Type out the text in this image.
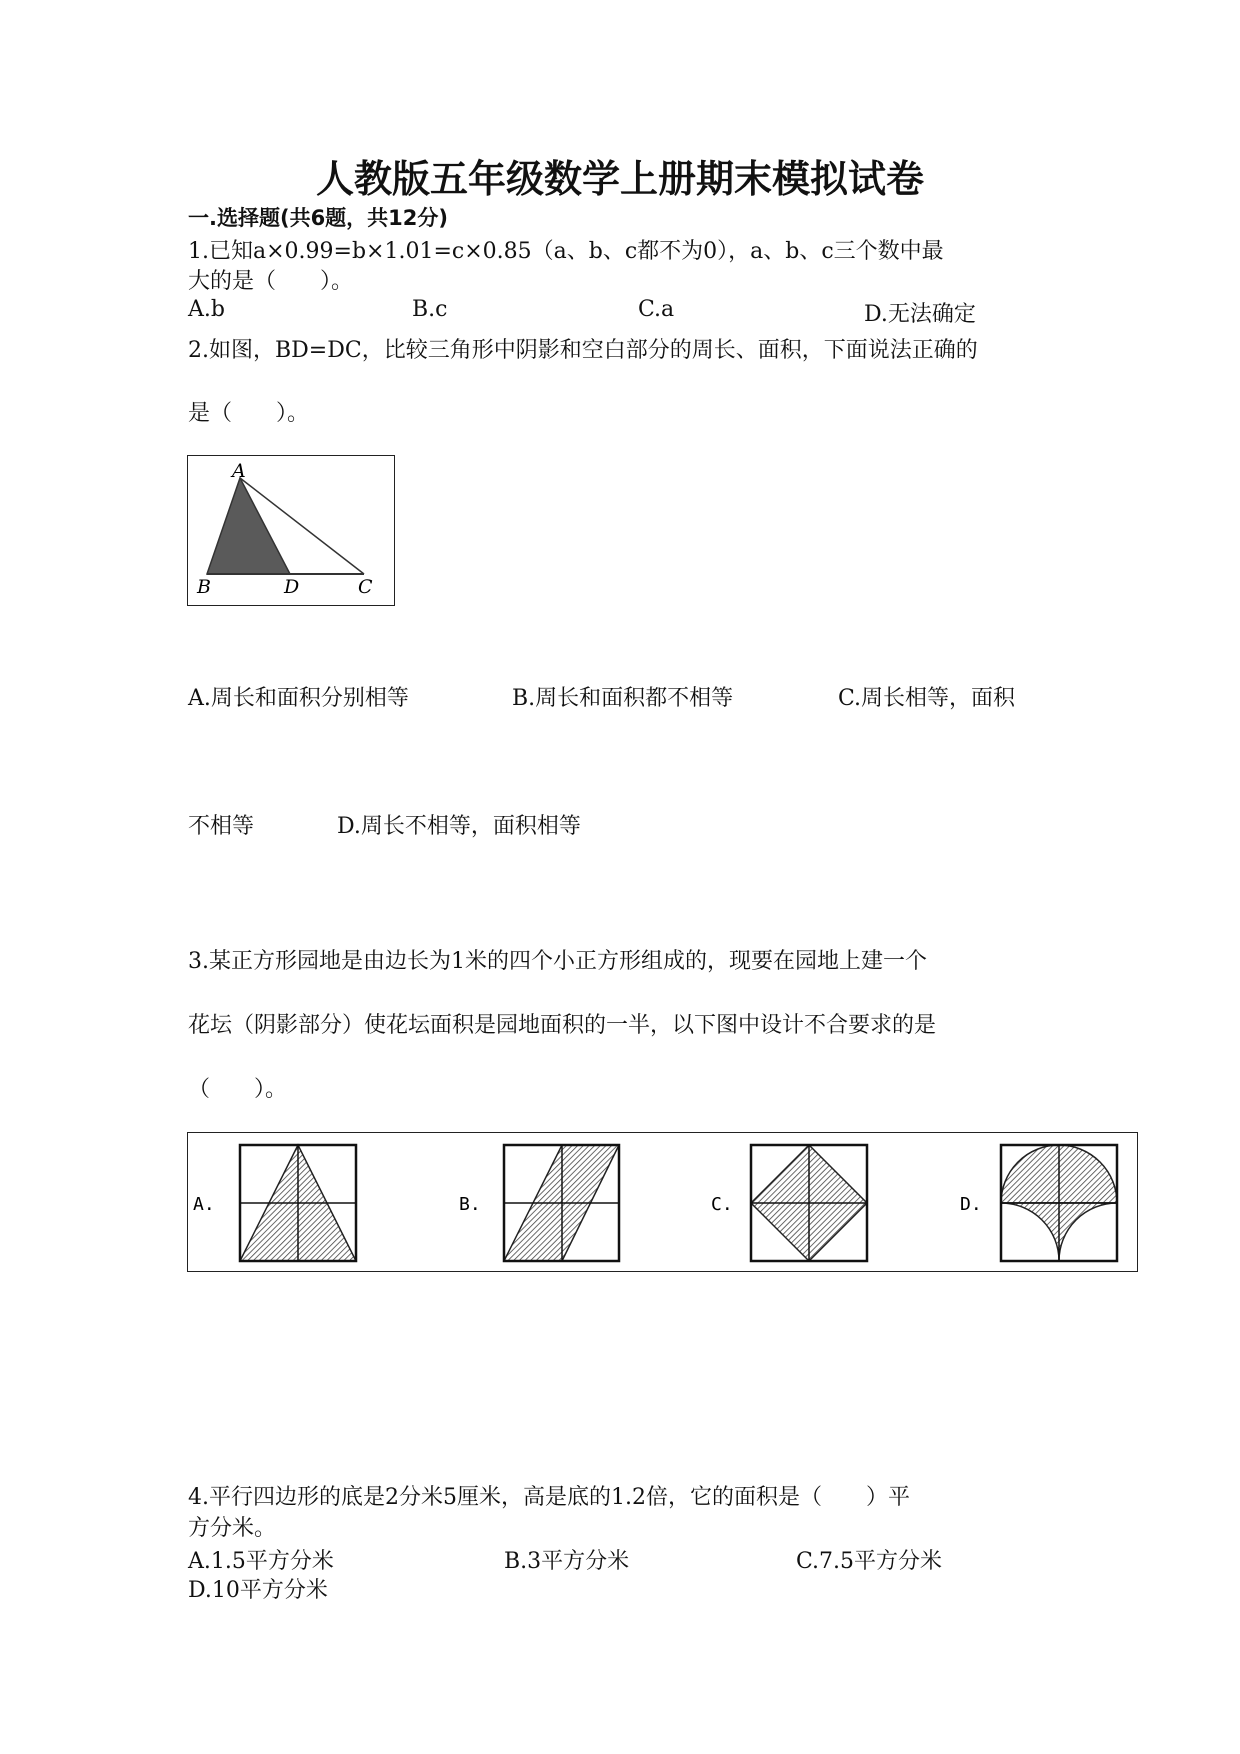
人教版五年级数学上册期末模拟试卷
一.选择题(共6题，共12分)
1.已知a×0.99=b×1.01=c×0.85（a、b、c都不为0），a、b、c三个数中最
大的是（　　）。
A.b	B.c	C.a	D.无法确定
2.如图，BD=DC，比较三角形中阴影和空白部分的周长、面积，下面说法正确的
是（　　）。
A
B	D	C
A.周长和面积分别相等	B.周长和面积都不相等	C.周长相等，面积
不相等	D.周长不相等，面积相等
3.某正方形园地是由边长为1米的四个小正方形组成的，现要在园地上建一个
花坛（阴影部分）使花坛面积是园地面积的一半，以下图中设计不合要求的是
（　　）。
A.	B.	C.	D.
4.平行四边形的底是2分米5厘米，高是底的1.2倍，它的面积是（　　）平
方分米。
A.1.5平方分米	B.3平方分米	C.7.5平方分米
D.10平方分米
